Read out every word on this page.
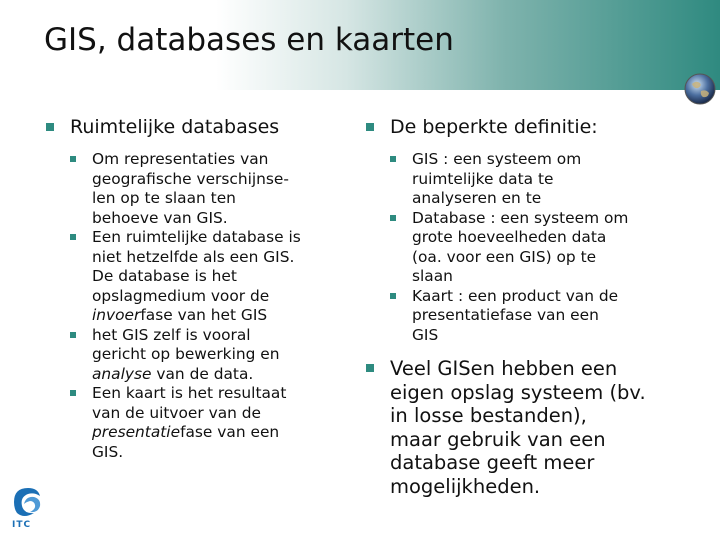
GIS, databases en kaarten
Ruimtelijke databases
Om representaties van
geografische verschijnse-
len op te slaan ten
behoeve van GIS.
Een ruimtelijke database is
niet hetzelfde als een GIS.
De database is het
opslagmedium voor de
invoerfase van het GIS
het GIS zelf is vooral
gericht op bewerking en
analyse van de data.
Een kaart is het resultaat
van de uitvoer van de
presentatiefase van een
GIS.
De beperkte definitie:
GIS : een systeem om
ruimtelijke data te
analyseren en te
Database : een systeem om
grote hoeveelheden data
(oa. voor een GIS) op te
slaan
Kaart : een product van de
presentatiefase van een
GIS
Veel GISen hebben een
eigen opslag systeem (bv.
in losse bestanden),
maar gebruik van een
database geeft meer
mogelijkheden.
ITC
